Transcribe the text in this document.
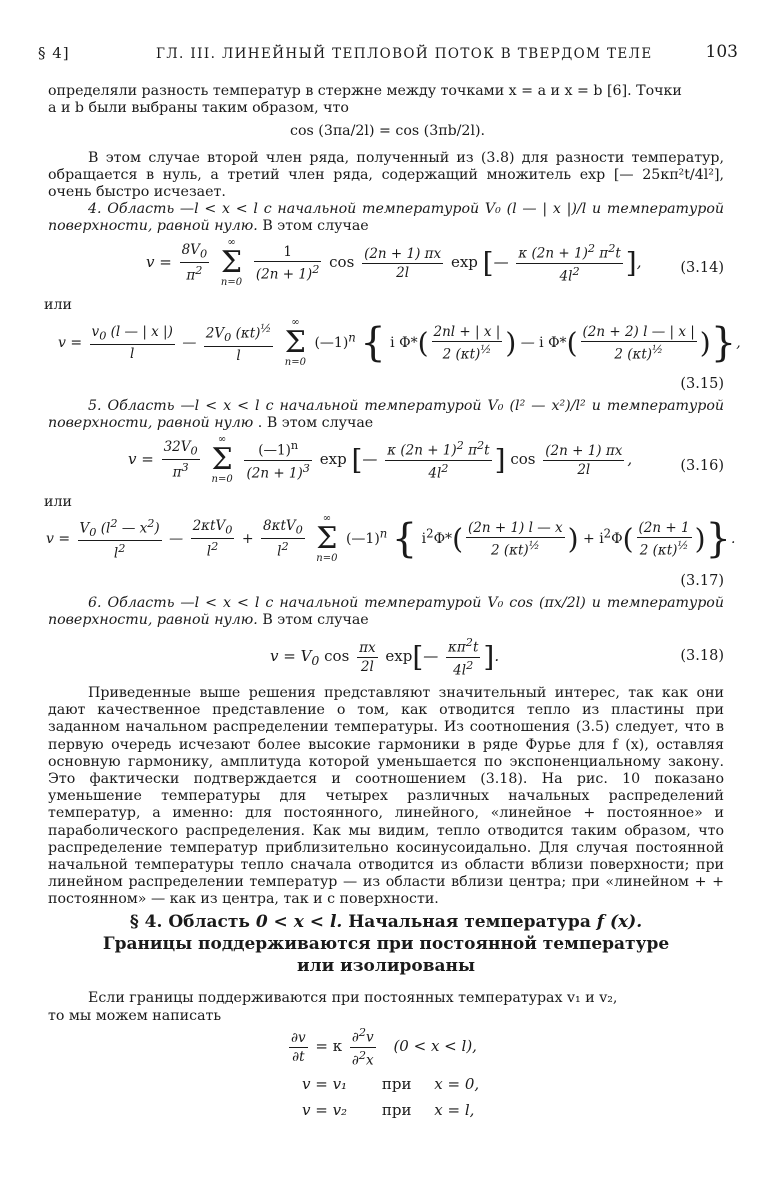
§ 4]	ГЛ. III. ЛИНЕЙНЫЙ ТЕПЛОВОЙ ПОТОК В ТВЕРДОМ ТЕЛЕ	103
определяли разность температур в стержне между точками x = a и x = b [6]. Точки
a и b были выбраны таким образом, что
cos (3πa/2l) = cos (3πb/2l).
В этом случае второй член ряда, полученный из (3.8) для разности температур, обращается в нуль, а третий член ряда, содержащий множитель exp [— 25κπ²t/4l²], очень быстро исчезает.
4. Область —l < x < l с начальной температурой V₀ (l — | x |)/l и температурой поверхности, равной нулю. В этом случае
$v = \frac{8V_0}{\pi^2}$
	∞
Σ
n=0

$\frac{1}{(2n + 1)^2}$ $\cos \frac{(2n + 1) \pi x}{2l}$ exp [— $\frac{\kappa (2n + 1)^2 \pi^2t}{4l^2}$ ],	(3.14)
или
$v = \frac{v_0 (l — | x |)}{l}$ — $\frac{2V_0 (\kappa t)^{\frac{1}{2}}}{l}$
	∞
Σ
n=0
(—1)$^n$ { i $\Phi*( \frac{2nl + | x |}{2 (\kappa t)^{\frac{1}{2}}}$ ) — i $\Phi*( \frac{(2n + 2) l — | x |}{2 (\kappa t)^{\frac{1}{2}}}$ )},
(3.15)
5. Область —l < x < l с начальной температурой V₀ (l² — x²)/l² и температурой поверхности, равной нулю . В этом случае
$v = \frac{32V_0}{\pi^3}$
	∞
Σ
n=0
$\frac{(—1)^n}{(2n + 1)^3}$ exp [— $\frac{\kappa (2n + 1)^2 \pi^2t}{4l^2}$ ] $\cos \frac{(2n + 1) \pi x}{2l}$ ,	(3.16)
или
$v = \frac{V_0 (l^2 — x^2)}{l^2}$ — $\frac{2\kappa tV_0}{l^2} + \frac{8\kappa tV_0}{l^2}$
	∞
Σ
n=0
(—1)$^n$ { $i^2\Phi*( \frac{(2n + 1) l — x}{2 (\kappa t)^{\frac{1}{2}}}$ ) + $i^2\Phi( \frac{(2n + 1}{2 (\kappa t)^{\frac{1}{2}}}$ )}.
(3.17)
6. Область —l < x < l с начальной температурой V₀ cos (πx/2l) и температурой поверхности, равной нулю. В этом случае
$v = V_0$ $\cos \frac{\pi x}{2l}$ exp[— $\frac{\kappa\pi^2t}{4l^2}$ ].	(3.18)
Приведенные выше решения представляют значительный интерес, так как они дают качественное представление о том, как отводится тепло из пластины при заданном начальном распределении температуры. Из соотношения (3.5) следует, что в первую очередь исчезают более высокие гармоники в ряде Фурье для f (x), оставляя основную гармонику, амплитуда которой уменьшается по экспоненциальному закону. Это фактически подтверждается и соотношением (3.18). На рис. 10 показано уменьшение температуры для четырех различных начальных распределений температур, а именно: для постоянного, линейного, «линейное + постоянное» и параболического распределения. Как мы видим, тепло отводится таким образом, что распределение температур приблизительно косинусоидально. Для случая постоянной начальной температуры тепло сначала отводится из области вблизи поверхности; при линейном распределении температур — из области вблизи центра; при «линейном + + постоянном» — как из центра, так и с поверхности.
§ 4. Область 0 < x < l. Начальная температура f (x).
Границы поддерживаются при постоянной температуре
или изолированы
Если границы поддерживаются при постоянных температурах v₁ и v₂,
то мы можем написать
$\frac{\partial v}{\partial t} = \kappa \frac{\partial^2v}{\partial^2x} (0 < x < l)$,
v = v₁ при x = 0,
v = v₂ при x = l,
